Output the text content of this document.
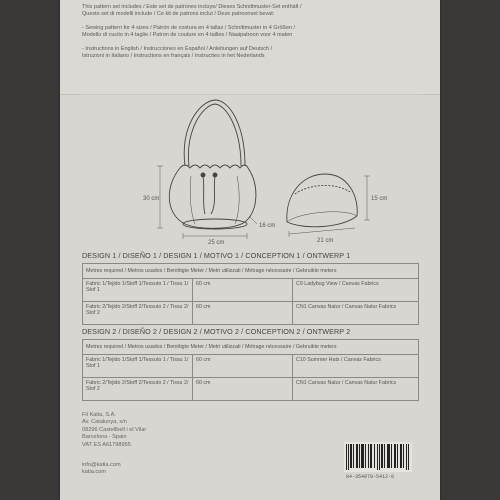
This pattern set includes / Este set de patrones incluye/ Dieses Schnittmuster-Set enthält /
Questo set di modelli include / Ce kit de patrons inclut / Deze patroonset bevat:
- Sewing pattern for 4 sizes / Patrón de costura en 4 tallas / Schnittmuster in 4 Größen /
Modello di cucito in 4 taglie / Patron de couture en 4 tailles / Naaipatroon voor 4 maten
- Instructions in English / Instrucciones en Español / Anleitungen auf Deutsch /
Istruzioni in Italiano / Instructions en français / Instructies in het Nederlands
30 cm
25 cm
16 cm
15 cm
21 cm
DESIGN 1 / DISEÑO 1 / DESIGN 1 / MOTIVO 1 / CONCEPTION 1 / ONTWERP 1
Metres required / Metros usados / Benötigte Meter / Metri utilizzati / Métrage nécessaire / Gebruikte meters		
Fabric 1/Tejido 1/Stoff 1/Tessuto 1 / Tissu 1/ Stof 1	60 cm	C9 Ladybug View / Canvas Fabrics
Fabric 2/Tejido 2/Stoff 2/Tessuto 2 / Tissu 2/ Stof 2	60 cm	CN1 Canvas Natur / Canvas Natur Fabrics
DESIGN 2 / DISEÑO 2 / DESIGN 2 / MOTIVO 2 / CONCEPTION 2 / ONTWERP 2
Metres required / Metros usados / Benötigte Meter / Metri utilizzati / Métrage nécessaire / Gebruikte meters		
Fabric 1/Tejido 1/Stoff 1/Tessuto 1 / Tissu 1/ Stof 1	60 cm	C10 Summer Hats / Canvas Fabrics
Fabric 2/Tejido 2/Stoff 2/Tessuto 2 / Tissu 2/ Stof 2	60 cm	CN1 Canvas Natur / Canvas Natur Fabrics
Fil Katia, S.A.
Av. Catalunya, s/n
08296 Castellbell i el Vilar
Barcelona - Spain
VAT ES A61798955
info@katia.com
katia.com
84-354079-5412-0
